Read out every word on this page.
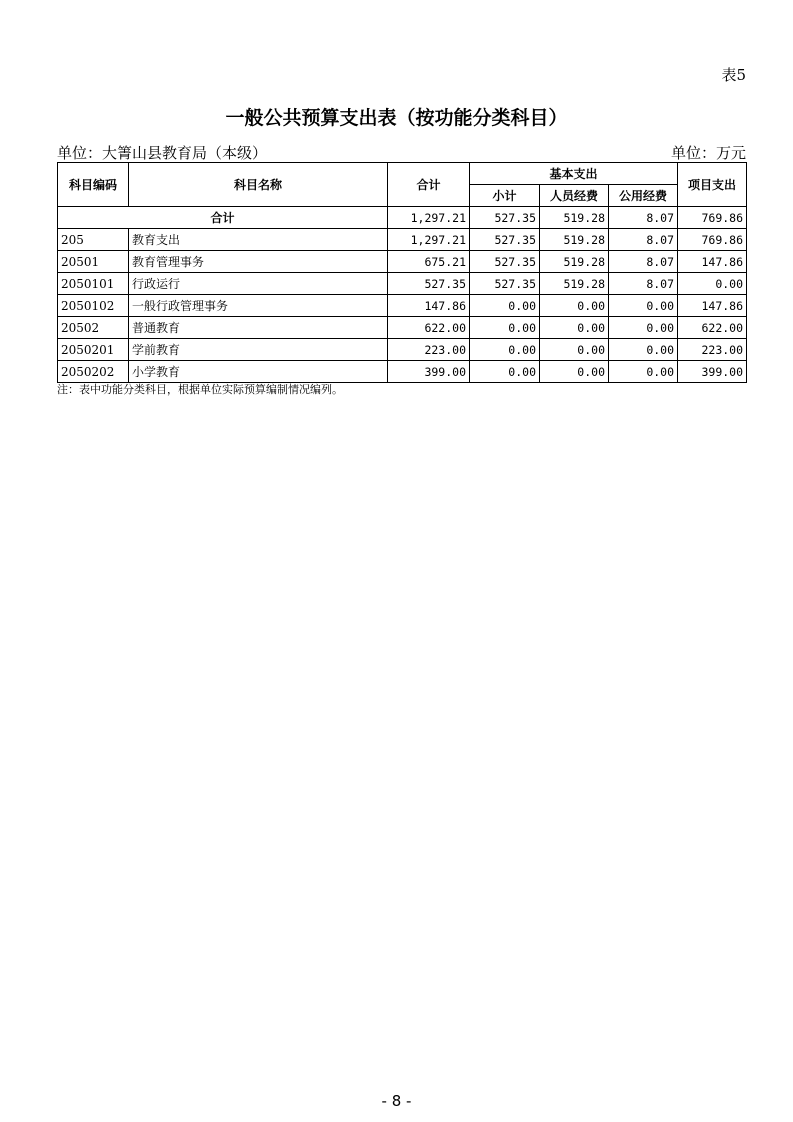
表5
一般公共预算支出表（按功能分类科目）
单位：大箐山县教育局（本级）	单位：万元
科目编码	科目名称	合计	基本支出			项目支出
			小计	人员经费	公用经费	
合计		1,297.21	527.35	519.28	8.07	769.86
205	教育支出	1,297.21	527.35	519.28	8.07	769.86
20501	教育管理事务	675.21	527.35	519.28	8.07	147.86
2050101	行政运行	527.35	527.35	519.28	8.07	0.00
2050102	一般行政管理事务	147.86	0.00	0.00	0.00	147.86
20502	普通教育	622.00	0.00	0.00	0.00	622.00
2050201	学前教育	223.00	0.00	0.00	0.00	223.00
2050202	小学教育	399.00	0.00	0.00	0.00	399.00
注：表中功能分类科目，根据单位实际预算编制情况编列。
- 8 -
